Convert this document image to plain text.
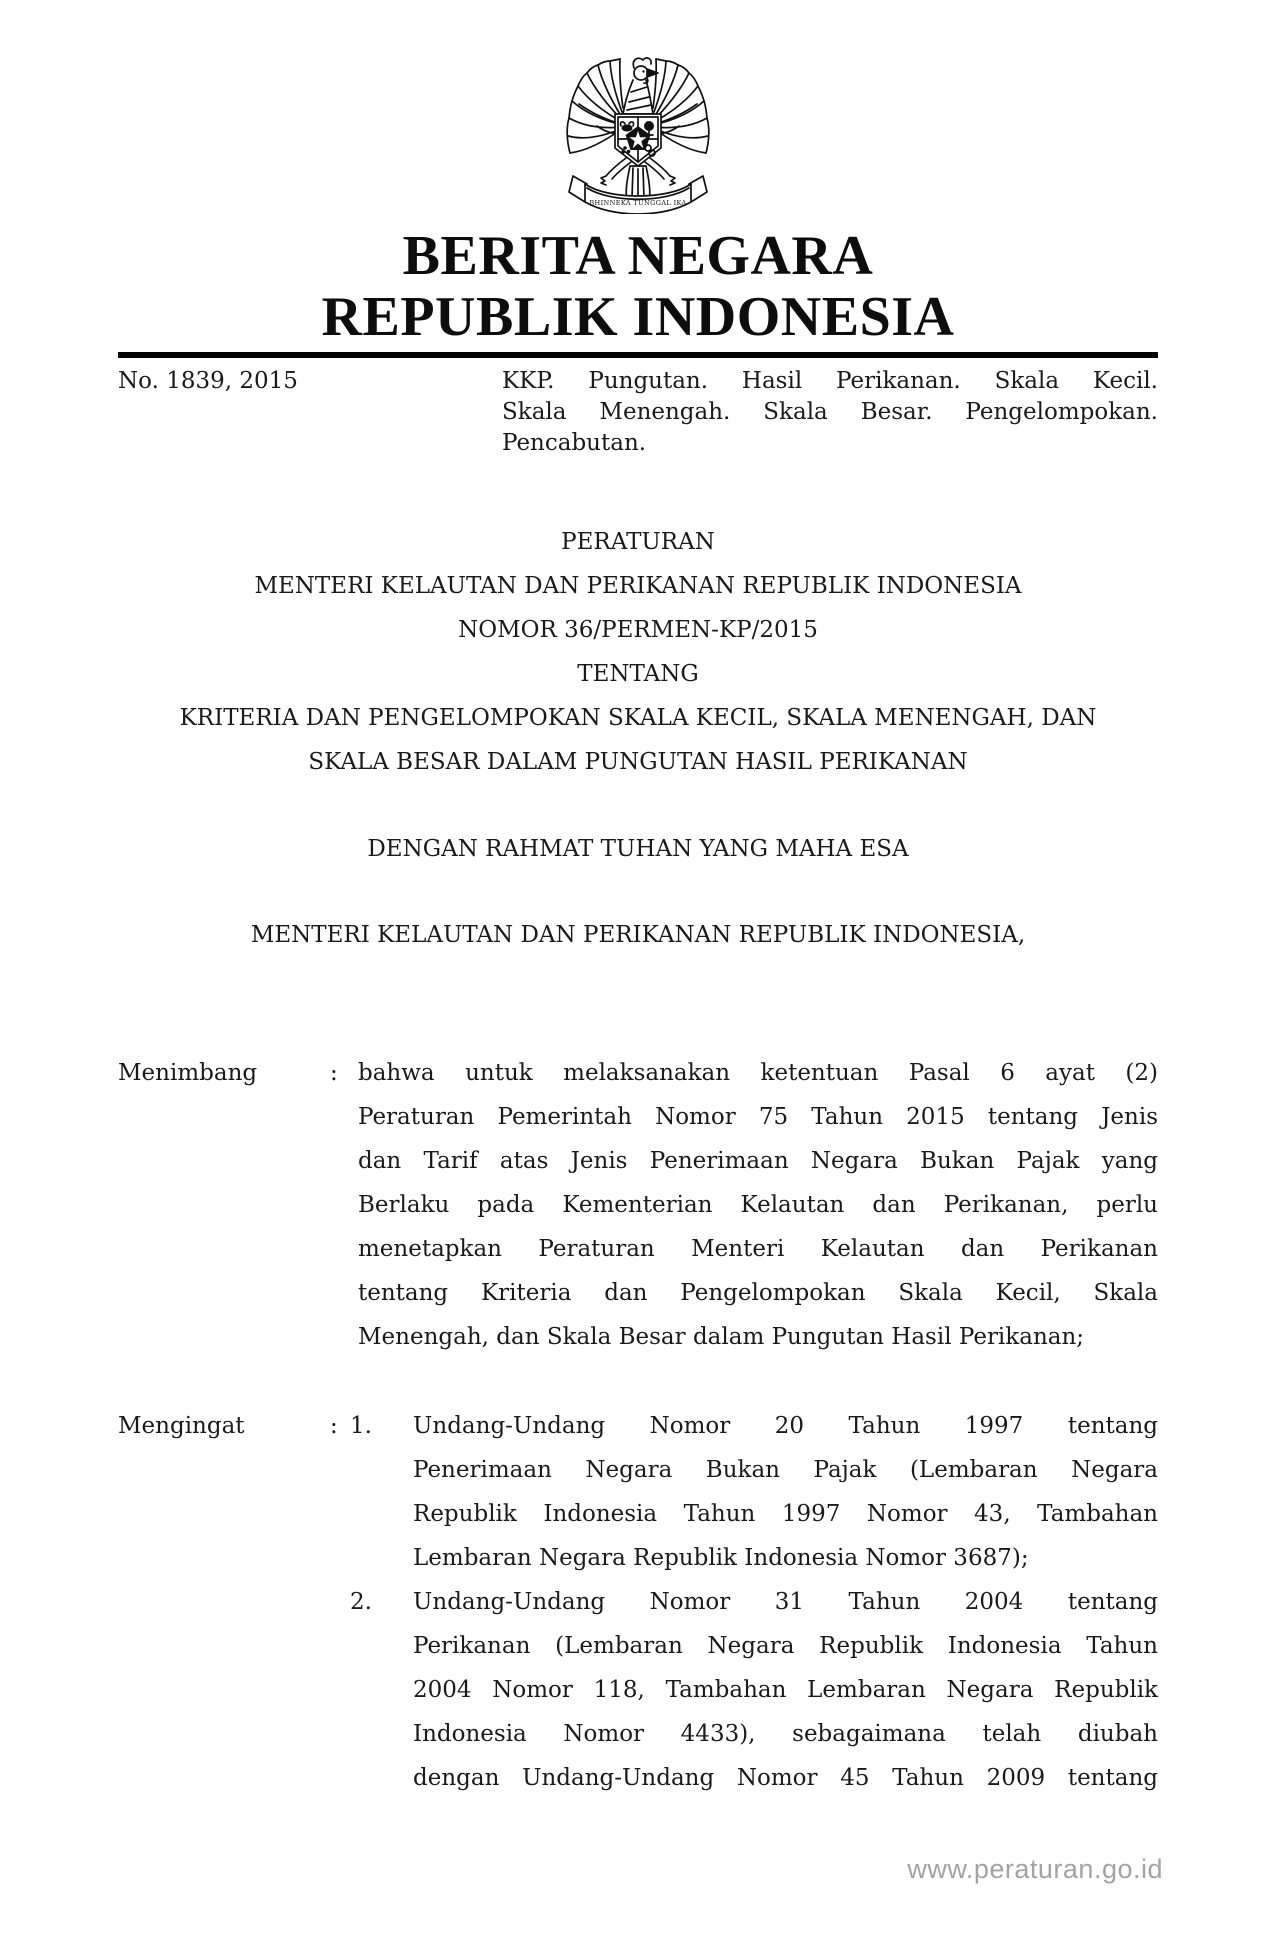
BHINNEKA TUNGGAL IKA
BERITA NEGARA
REPUBLIK INDONESIA
No. 1839, 2015	KKP. Pungutan. Hasil Perikanan. Skala Kecil.
Skala Menengah. Skala Besar. Pengelompokan.
Pencabutan.
PERATURAN
MENTERI KELAUTAN DAN PERIKANAN REPUBLIK INDONESIA
NOMOR 36/PERMEN-KP/2015
TENTANG
KRITERIA DAN PENGELOMPOKAN SKALA KECIL, SKALA MENENGAH, DAN
SKALA BESAR DALAM PUNGUTAN HASIL PERIKANAN
DENGAN RAHMAT TUHAN YANG MAHA ESA
MENTERI KELAUTAN DAN PERIKANAN REPUBLIK INDONESIA,
Menimbang	: bahwa untuk melaksanakan ketentuan Pasal 6 ayat (2)
Peraturan Pemerintah Nomor 75 Tahun 2015 tentang Jenis
dan Tarif atas Jenis Penerimaan Negara Bukan Pajak yang
Berlaku pada Kementerian Kelautan dan Perikanan, perlu
menetapkan Peraturan Menteri Kelautan dan Perikanan
tentang Kriteria dan Pengelompokan Skala Kecil, Skala
Menengah, dan Skala Besar dalam Pungutan Hasil Perikanan;
Mengingat	: 1.	Undang-Undang Nomor 20 Tahun 1997 tentang
Penerimaan Negara Bukan Pajak (Lembaran Negara
Republik Indonesia Tahun 1997 Nomor 43, Tambahan
Lembaran Negara Republik Indonesia Nomor 3687);
2.	Undang-Undang Nomor 31 Tahun 2004 tentang
Perikanan (Lembaran Negara Republik Indonesia Tahun
2004 Nomor 118, Tambahan Lembaran Negara Republik
Indonesia Nomor 4433), sebagaimana telah diubah
dengan Undang-Undang Nomor 45 Tahun 2009 tentang
www.peraturan.go.id
